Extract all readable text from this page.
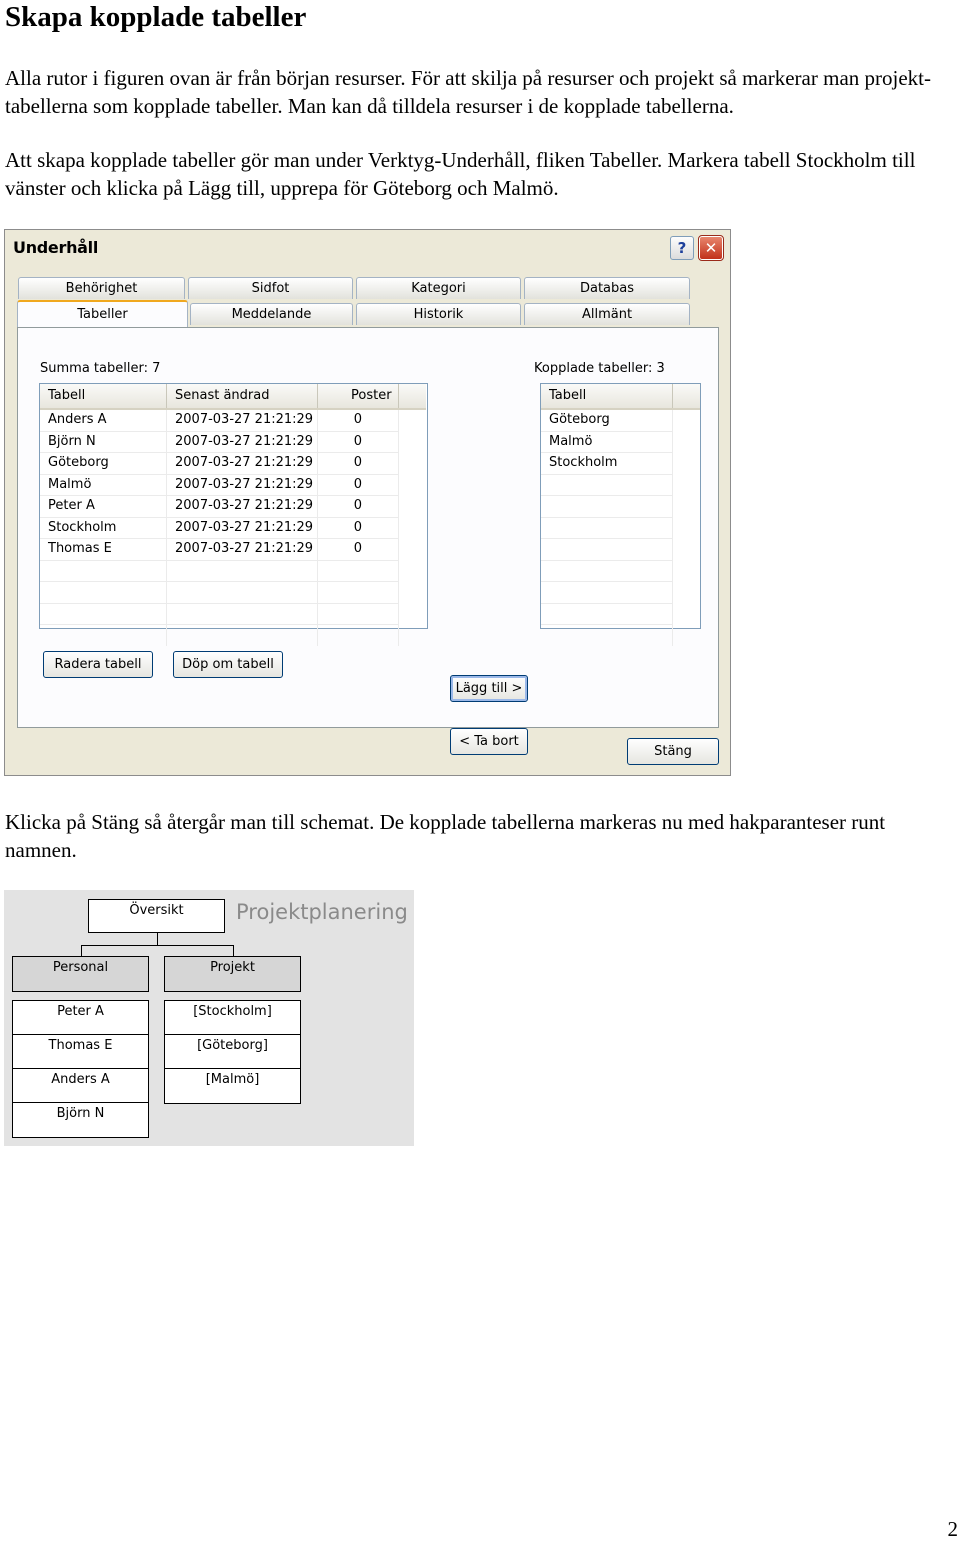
Skapa kopplade tabeller

Alla rutor i figuren ovan är från början resurser. För att skilja på resurser och projekt så markerar man projekt-tabellerna som kopplade tabeller. Man kan då tilldela resurser i de kopplade tabellerna.

Att skapa kopplade tabeller gör man under Verktyg-Underhåll, fliken Tabeller. Markera tabell Stockholm till vänster och klicka på Lägg till, upprepa för Göteborg och Malmö.

Underhåll	?	✕
Behörighet	Sidfot	Kategori	Databas
Tabeller	Meddelande	Historik	Allmänt
Summa tabeller: 7	Kopplade tabeller: 3
Tabell	Senast ändrad	Poster
Anders A	2007-03-27 21:21:29	0
Björn N	2007-03-27 21:21:29	0
Göteborg	2007-03-27 21:21:29	0
Malmö	2007-03-27 21:21:29	0
Peter A	2007-03-27 21:21:29	0
Stockholm	2007-03-27 21:21:29	0
Thomas E	2007-03-27 21:21:29	0
Lägg till >
< Ta bort
Tabell
Göteborg
Malmö
Stockholm
Radera tabell	Döp om tabell
Stäng

Klicka på Stäng så återgår man till schemat. De kopplade tabellerna markeras nu med hakparanteser runt namnen.

Projektplanering
Översikt
Personal	Projekt
Peter A
Thomas E
Anders A
Björn N
[Stockholm]
[Göteborg]
[Malmö]
2
